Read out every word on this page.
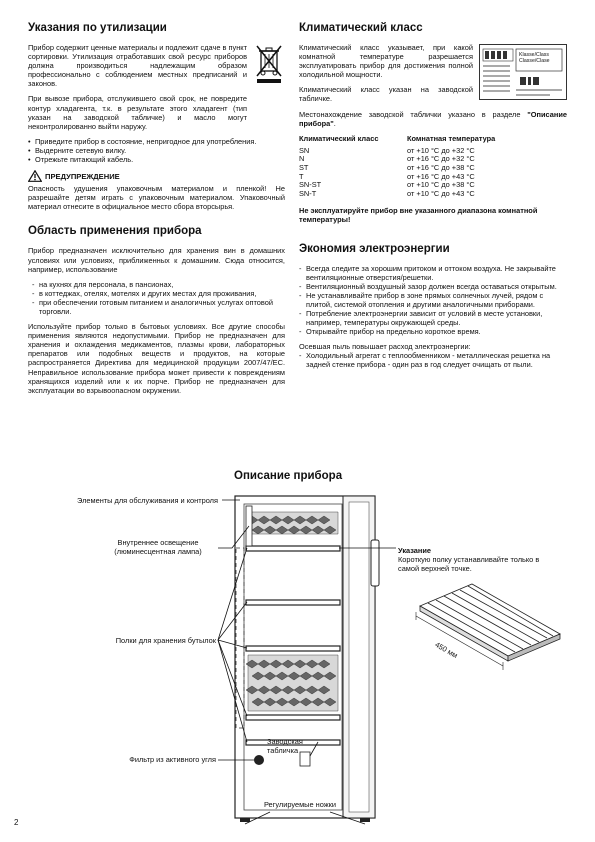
Указания по утилизации

Прибор содержит ценные материалы и подлежит сдаче в пункт сортировки. Утилизация отработавших свой ресурс приборов должна производиться надлежащим образом профессионально с соблюдением местных предписаний и законов.

При вывозе прибора, отслужившего свой срок, не повредите контур хладагента, т.к. в результате этого хладагент (тип указан на заводской табличке) и масло могут неконтролированно выйти наружу.

• Приведите прибор в состояние, непригодное для употребления.
• Выдерните сетевую вилку.
• Отрежьте питающий кабель.
ПРЕДУПРЕЖДЕНИЕ

Опасность удушения упаковочным материалом и пленкой! Не разрешайте детям играть с упаковочным материалом. Упаковочный материал отнесите в официальное место сбора вторсырья.

Область применения прибора

Прибор предназначен исключительно для хранения вин в домашних условиях или условиях, приближенных к домашним. Сюда относится, например, использование

- на кухнях для персонала, в пансионах,
- в коттеджах, отелях, мотелях и других местах для проживания,
- при обеспечении готовым питанием и аналогичных услугах оптовой торговли.

Используйте прибор только в бытовых условиях. Все другие способы применения являются недопустимыми. Прибор не предназначен для хранения и охлаждения медикаментов, плазмы крови, лабораторных препаратов или подобных веществ и продуктов, на которые распространяется Директива для медицинской продукции 2007/47/ЕС. Неправильное использование прибора может привести к повреждениям хранящихся изделий или к их порче. Прибор не предназначен для эксплуатации во взрывоопасном окружении.

Климатический класс

Климатический класс указывает, при какой комнатной температуре разрешается эксплуатировать прибор для достижения полной холодильной мощности.

Климатический класс указан на заводской табличке.

Klasse/Class Classe/Clase

Местонахождение заводской таблички указано в разделе "Описание прибора".

Климатический класс	Комнатная температура
SN	от +10 °C до +32 °C
N	от +16 °C до +32 °C
ST	от +16 °C до +38 °C
T	от +16 °C до +43 °C
SN-ST	от +10 °C до +38 °C
SN-T	от +10 °C до +43 °C
Не эксплуатируйте прибор вне указанного диапазона комнатной температуры!
Экономия электроэнергии
- Всегда следите за хорошим притоком и оттоком воздуха. Не закрывайте вентиляционные отверстия/решетки.
- Вентиляционный воздушный зазор должен всегда оставаться открытым.
- Не устанавливайте прибор в зоне прямых солнечных лучей, рядом с плитой, системой отопления и другими аналогичными приборами.
- Потребление электроэнергии зависит от условий в месте установки, например, температуры окружающей среды.
- Открывайте прибор на предельно короткое время.

Осевшая пыль повышает расход электроэнергии:

- Холодильный агрегат с теплообменником - металлическая решетка на задней стенке прибора - один раз в год следует очищать от пыли.
Описание прибора
Элементы для обслуживания и контроля
Внутреннее освещение (люминесцентная лампа)
Полки для хранения бутылок
Заводская табличка
Фильтр из активного угля
Регулируемые ножки
Указание
Короткую полку устанавливайте только в самой верхней точке.
450 мм
2
